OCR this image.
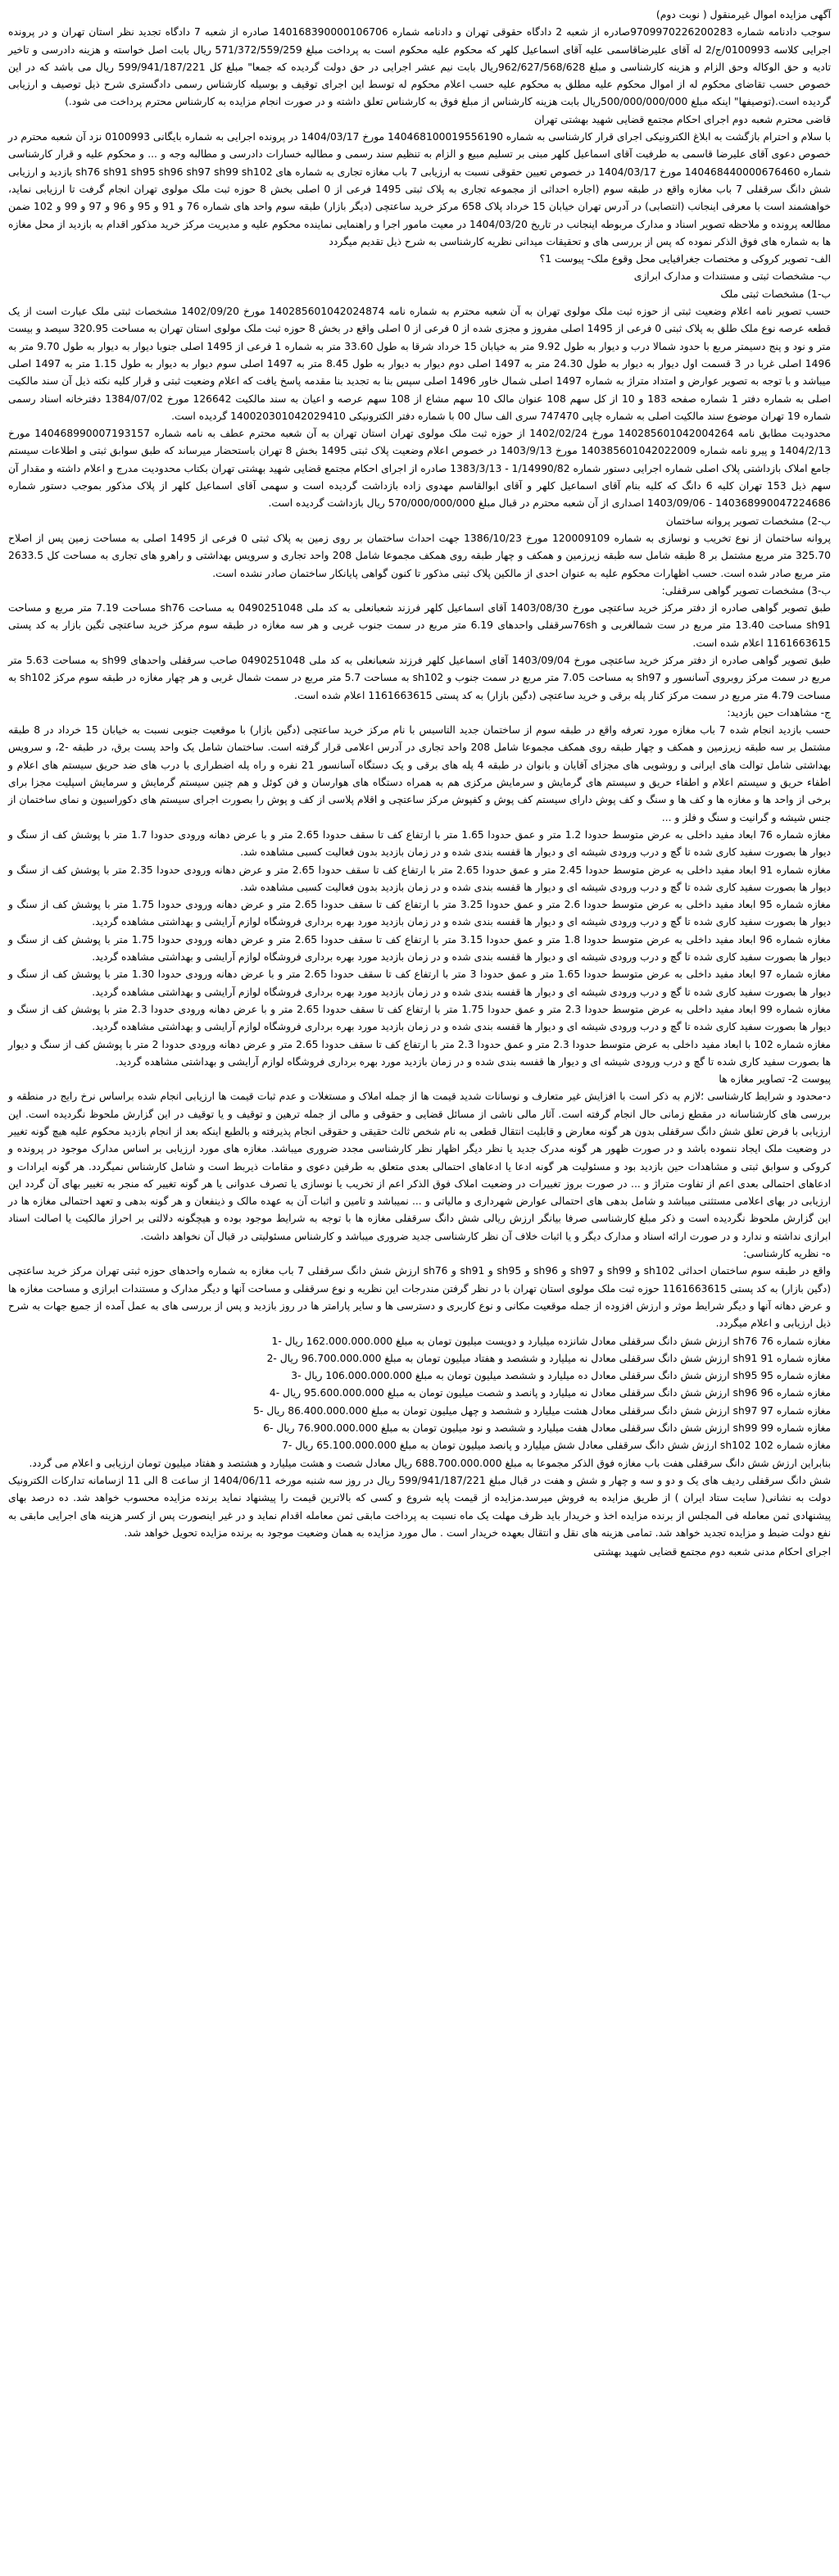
آگهی مزایده اموال غیرمنقول ( نوبت دوم)

سوجب دادنامه شماره 9709970226200283صادره از شعبه 2 دادگاه حقوقی تهران و دادنامه شماره 140168390000106706 صادره از شعبه 7 دادگاه تجدید نظر استان تهران و در پرونده اجرایی کلاسه 0100993/ج/2 له آقای علیرضاقاسمی علیه آقای اسماعیل کلهر که محکوم علیه محکوم است به پرداخت مبلغ 571/372/559/259 ریال بابت اصل خواسته و هزینه دادرسی و تاخیر تادیه و حق الوکاله وحق الزام و هزینه کارشناسی و مبلغ 962/627/568/628ریال بابت نیم عشر اجرایی در حق دولت گردیده که جمعا" مبلغ کل 599/941/187/221 ریال می باشد که در این خصوص حسب تقاضای محکوم له از اموال محکوم علیه مطلق به محکوم علیه حسب اعلام محکوم له توسط این اجرای توقیف و بوسیله کارشناس رسمی دادگستری شرح ذیل توصیف و ارزیابی گردیده است.(توصیفها" اینکه مبلغ 500/000/000/000ریال بابت هزینه کارشناس از مبلغ فوق به کارشناس تعلق داشته و در صورت انجام مزایده به کارشناس محترم پرداخت می شود.)

قاضی محترم شعبه دوم اجرای احکام مجتمع قضایی شهید بهشتی تهران

با سلام و احترام بازگشت به ابلاغ الکترونیکی اجرای قرار کارشناسی به شماره 140468100019556190 مورخ 1404/03/17 در پرونده اجرایی به شماره بایگانی 0100993 نزد آن شعبه محترم در خصوص دعوی آقای علیرضا قاسمی به طرفیت آقای اسماعیل کلهر مبنی بر تسلیم مبیع و الزام به تنظیم سند رسمی و مطالبه خسارات دادرسی و مطالبه وجه و ... و محکوم علیه و قرار کارشناسی شماره 140468440000676460 مورخ 1404/03/17 در خصوص تعیین حقوقی نسبت به ارزیابی 7 باب مغازه تجاری به شماره های sh76 sh91 sh95 sh96 sh97 sh99 sh102 بازدید و ارزیابی شش دانگ سرقفلی 7 باب مغازه واقع در طبقه سوم (اجاره احداثی از مجموعه تجاری به پلاک ثبتی 1495 فرعی از 0 اصلی بخش 8 حوزه ثبت ملک مولوی تهران انجام گرفت تا ارزیابی نماید، خواهشمند است با معرفی اینجانب (انتصابی) در آدرس تهران خیابان 15 خرداد پلاک 658 مرکز خرید ساعتچی (دیگر بازار) طبقه سوم واحد های شماره 76 و 91 و 95 و 96 و 97 و 99 و 102 ضمن مطالعه پرونده و ملاحظه تصویر اسناد و مدارک مربوطه اینجانب در تاریخ 1404/03/20 در معیت مامور اجرا و راهنمایی نماینده محکوم علیه و مدیریت مرکز خرید مذکور اقدام به بازدید از محل مغازه ها به شماره های فوق الذکر نموده که پس از بررسی های و تحقیقات میدانی نظریه کارشناسی به شرح ذیل تقدیم میگردد

الف- تصویر کروکی و مختصات جغرافیایی محل وقوع ملک- پیوست 1؟

ب- مشخصات ثبتی و مستندات و مدارک ابرازی

ب-1) مشخصات ثبتی ملک

حسب تصویر نامه اعلام وضعیت ثبتی از حوزه ثبت ملک مولوی تهران به آن شعبه محترم به شماره نامه 140285601042024874 مورخ 1402/09/20 مشخصات ثبتی ملک عبارت است از یک قطعه عرصه نوع ملک طلق به پلاک ثبتی 0 فرعی از 1495 اصلی مفروز و مجزی شده از 0 فرعی از 0 اصلی واقع در بخش 8 حوزه ثبت ملک مولوی استان تهران به مساحت 320.95 سیصد و بیست متر و نود و پنج دسیمتر مربع با حدود شمالا درب و دیوار به طول 9.92 متر به خیابان 15 خرداد شرقا به طول 33.60 متر به شماره 1 فرعی از 1495 اصلی جنوبا دیوار به دیوار به طول 9.70 متر به 1496 اصلی غربا در 3 قسمت اول دیوار به دیوار به طول 24.30 متر به 1497 اصلی دوم دیوار به دیوار به طول 8.45 متر به 1497 اصلی سوم دیوار به دیوار به طول 1.15 متر به 1497 اصلی میباشد و با توجه به تصویر عوارض و امتداد متراژ به شماره 1497 اصلی شمال خاور 1496 اصلی سپس بنا به تجدید بنا مقدمه پاسخ یافت که اعلام وضعیت ثبتی و قرار کلیه نکته ذیل آن سند مالکیت اصلی به شماره دفتر 1 شماره صفحه 183 و 10 از کل سهم 108 عنوان مالک 10 سهم مشاع از 108 سهم عرصه و اعیان به سند مالکیت 126642 مورخ 1384/07/02 دفترخانه اسناد رسمی شماره 19 تهران موضوع سند مالکیت اصلی به شماره چاپی 747470 سری الف سال 00 با شماره دفتر الکترونیکی 140020301042029410 گردیده است.

محدودیت مطابق نامه 140285601042004264 مورخ 1402/02/24 از حوزه ثبت ملک مولوی تهران استان تهران به آن شعبه محترم عطف به نامه شماره 140468990007193157 مورخ 1404/2/13 و پیرو نامه شماره 140385601042022009 مورخ 1403/9/13 در خصوص اعلام وضعیت پلاک ثبتی 1495 بخش 8 تهران باستحضار میرساند که طبق سوابق ثبتی و اطلاعات سیستم جامع املاک بازداشتی پلاک اصلی شماره اجرایی دستور شماره 1/14990/82 - 1383/3/13 صادره از اجرای احکام مجتمع قضایی شهید بهشتی تهران بکتاب محدودیت مدرج و اعلام داشته و مقدار آن سهم ذیل 153 تهران کلیه 6 دانگ که کلیه بنام آقای اسماعیل کلهر و آقای ابوالقاسم مهدوی زاده بازداشت گردیده است و سهمی آقای اسماعیل کلهر از پلاک مذکور بموجب دستور شماره 140368990047224686 - 1403/09/06 اصداری از آن شعبه محترم در قبال مبلغ 570/000/000/000 ریال بازداشت گردیده است.

ب-2) مشخصات تصویر پروانه ساختمان

پروانه ساختمان از نوع تخریب و نوسازی به شماره 120009109 مورخ 1386/10/23 جهت احداث ساختمان بر روی زمین به پلاک ثبتی 0 فرعی از 1495 اصلی به مساحت زمین پس از اصلاح 325.70 متر مربع مشتمل بر 8 طبقه شامل سه طبقه زیرزمین و همکف و چهار طبقه روی همکف مجموعا شامل 208 واحد تجاری و سرویس بهداشتی و راهرو های تجاری به مساحت کل 2633.5 متر مربع صادر شده است. حسب اظهارات محکوم علیه به عنوان احدی از مالکین پلاک ثبتی مذکور تا کنون گواهی پایانکار ساختمان صادر نشده است.

ب-3) مشخصات تصویر گواهی سرقفلی:

طبق تصویر گواهی صادره از دفتر مرکز خرید ساعتچی مورخ 1403/08/30 آقای اسماعیل کلهر فرزند شعبانعلی به کد ملی 0490251048 به مساحت sh76 مساحت 7.19 متر مربع و مساحت sh91 مساحت 13.40 متر مربع در ست شمالغربی و 76shسرقفلی واحدهای 6.19 متر مربع در سمت جنوب غربی و هر سه مغازه در طبقه سوم مرکز خرید ساعتچی تگین بازار به کد پستی 1161663615 اعلام شده است.

طبق تصویر گواهی صادره از دفتر مرکز خرید ساعتچی مورخ 1403/09/04 آقای اسماعیل کلهر فرزند شعبانعلی به کد ملی 0490251048 صاحب سرقفلی واحدهای sh99 به مساحت 5.63 متر مربع در سمت مرکز روبروی آسانسور و sh97 به مساحت 7.05 متر مربع در سمت جنوب و sh102 به مساحت 5.7 متر مربع در سمت شمال غربی و هر چهار مغازه در طبقه سوم مرکز sh102 به مساحت 4.79 متر مربع در سمت مرکز کنار پله برقی و خرید ساعتچی (دگین بازار) به کد پستی 1161663615 اعلام شده است.

ج- مشاهدات حین بازدید:

حسب بازدید انجام شده 7 باب مغازه مورد تعرفه واقع در طبقه سوم از ساختمان جدید التاسیس با نام مرکز خرید ساعتچی (دگین بازار) با موقعیت جنوبی نسبت به خیابان 15 خرداد در 8 طبقه مشتمل بر سه طبقه زیرزمین و همکف و چهار طبقه روی همکف مجموعا شامل 208 واحد تجاری در آدرس اعلامی قرار گرفته است. ساختمان شامل یک واحد پست برق، در طبقه -2، و سرویس بهداشتی شامل توالت های ایرانی و روشویی های مجزای آقایان و بانوان در طبقه 4 پله های برقی و یک دستگاه آسانسور 21 نفره و راه پله اضطراری با درب های ضد حریق سیستم های اعلام و اطفاء حریق و سیستم اعلام و اطفاء حریق و سیستم های گرمایش و سرمایش مرکزی هم به همراه دستگاه های هوارسان و فن کوئل و هم چنین سیستم گرمایش و سرمایش اسپلیت مجزا برای برخی از واحد ها و مغازه ها و کف ها و سنگ و کف پوش دارای سیستم کف پوش و کفپوش مرکز ساعتچی و اقلام پلاسی از کف و پوش را بصورت اجرای سیستم های دکوراسیون و نمای ساختمان از جنس شیشه و گرانیت و سنگ و فلز و ...

مغازه شماره 76 ابعاد مفید داخلی به عرض متوسط حدودا 1.2 متر و عمق حدودا 1.65 متر با ارتفاع کف تا سقف حدودا 2.65 متر و با عرض دهانه ورودی حدودا 1.7 متر با پوشش کف از سنگ و دیوار ها بصورت سفید کاری شده تا گچ و درب ورودی شیشه ای و دیوار ها قفسه بندی شده و در زمان بازدید بدون فعالیت کسبی مشاهده شد.

مغازه شماره 91 ابعاد مفید داخلی به عرض متوسط حدودا 2.45 متر و عمق حدودا 2.65 متر با ارتفاع کف تا سقف حدودا 2.65 متر و عرض دهانه ورودی حدودا 2.35 متر با پوشش کف از سنگ و دیوار ها بصورت سفید کاری شده تا گچ و درب ورودی شیشه ای و دیوار ها قفسه بندی شده و در زمان بازدید بدون فعالیت کسبی مشاهده شد.

مغازه شماره 95 ابعاد مفید داخلی به عرض متوسط حدودا 2.6 متر و عمق حدودا 3.25 متر با ارتفاع کف تا سقف حدودا 2.65 متر و عرض دهانه ورودی حدودا 1.75 متر با پوشش کف از سنگ و دیوار ها بصورت سفید کاری شده تا گچ و درب ورودی شیشه ای و دیوار ها قفسه بندی شده و در زمان بازدید مورد بهره برداری فروشگاه لوازم آرایشی و بهداشتی مشاهده گردید.

مغازه شماره 96 ابعاد مفید داخلی به عرض متوسط حدودا 1.8 متر و عمق حدودا 3.15 متر با ارتفاع کف تا سقف حدودا 2.65 متر و عرض دهانه ورودی حدودا 1.75 متر با پوشش کف از سنگ و دیوار ها بصورت سفید کاری شده تا گچ و درب ورودی شیشه ای و دیوار ها قفسه بندی شده و در زمان بازدید مورد بهره برداری فروشگاه لوازم آرایشی و بهداشتی مشاهده گردید.

مغازه شماره 97 ابعاد مفید داخلی به عرض متوسط حدودا 1.65 متر و عمق حدودا 3 متر با ارتفاع کف تا سقف حدودا 2.65 متر و با عرض دهانه ورودی حدودا 1.30 متر با پوشش کف از سنگ و دیوار ها بصورت سفید کاری شده تا گچ و درب ورودی شیشه ای و دیوار ها قفسه بندی شده و در زمان بازدید مورد بهره برداری فروشگاه لوازم آرایشی و بهداشتی مشاهده گردید.

مغازه شماره 99 ابعاد مفید داخلی به عرض متوسط حدودا 2.3 متر و عمق حدودا 1.75 متر با ارتفاع کف تا سقف حدودا 2.65 متر و با عرض دهانه ورودی حدودا 2.3 متر با پوشش کف از سنگ و دیوار ها بصورت سفید کاری شده تا گچ و درب ورودی شیشه ای و دیوار ها قفسه بندی شده و در زمان بازدید مورد بهره برداری فروشگاه لوازم آرایشی و بهداشتی مشاهده گردید.

مغازه شماره 102 با ابعاد مفید داخلی به عرض متوسط حدودا 2.3 متر و عمق حدودا 2.3 متر با ارتفاع کف تا سقف حدودا 2.65 متر و عرض دهانه ورودی حدودا 2 متر با پوشش کف از سنگ و دیوار ها بصورت سفید کاری شده تا گچ و درب ورودی شیشه ای و دیوار ها قفسه بندی شده و در زمان بازدید مورد بهره برداری فروشگاه لوازم آرایشی و بهداشتی مشاهده گردید.

پیوست 2- تصاویر مغازه ها

د-محدود و شرایط کارشناسی ؛لازم به ذکر است با افزایش غیر متعارف و نوسانات شدید قیمت ها از جمله املاک و مستغلات و عدم ثبات قیمت ها ارزیابی انجام شده براساس نرخ رایج در منطقه و بررسی های کارشناسانه در مقطع زمانی حال انجام گرفته است. آثار مالی ناشی از مسائل قضایی و حقوقی و مالی از جمله ترهین و توقیف و یا توقیف در این گزارش ملحوظ نگردیده است. این ارزیابی با فرض تعلق شش دانگ سرقفلی بدون هر گونه معارض و قابلیت انتقال قطعی به نام شخص ثالث حقیقی و حقوقی انجام پذیرفته و بالطبع اینکه بعد از انجام بازدید محکوم علیه هیچ گونه تغییر در وضعیت ملک ایجاد ننموده باشد و در صورت ظهور هر گونه مدرک جدید یا نظر دیگر اظهار نظر کارشناسی مجدد ضروری میباشد. مغازه های مورد ارزیابی بر اساس مدارک موجود در پرونده و کروکی و سوابق ثبتی و مشاهدات حین بازدید بود و مسئولیت هر گونه ادعا یا ادعاهای احتمالی بعدی متعلق به طرفین دعوی و مقامات ذیربط است و شامل کارشناس نمیگردد. هر گونه ایرادات و ادعاهای احتمالی بعدی اعم از تفاوت متراژ و ... در صورت بروز تغییرات در وضعیت املاک فوق الذکر اعم از تخریب یا نوسازی یا تصرف عدوانی یا هر گونه تغییر که منجر به تغییر بهای آن گردد این ارزیابی در بهای اعلامی مستثنی میباشد و شامل بدهی های احتمالی عوارض شهرداری و مالیاتی و ... نمیباشد و تامین و اثبات آن به عهده مالک و ذینفعان و هر گونه بدهی و تعهد احتمالی مغازه ها در این گزارش ملحوظ نگردیده است و ذکر مبلغ کارشناسی صرفا بیانگر ارزش ریالی شش دانگ سرقفلی مغازه ها با توجه به شرایط موجود بوده و هیچگونه دلالتی بر احراز مالکیت یا اصالت اسناد ابرازی نداشته و ندارد و در صورت ارائه اسناد و مدارک دیگر و یا اثبات خلاف آن نظر کارشناسی جدید ضروری میباشد و کارشناس مسئولیتی در قبال آن نخواهد داشت.

ه- نظریه کارشناسی:

واقع در طبقه سوم ساختمان احداثی sh102 و sh99 و sh97 و sh96 و sh95 و sh91 و sh76 ارزش شش دانگ سرقفلی 7 باب مغازه به شماره واحدهای حوزه ثبتی تهران مرکز خرید ساعتچی (دگین بازار) به کد پستی 1161663615 حوزه ثبت ملک مولوی استان تهران با در نظر گرفتن مندرجات این نظریه و نوع سرقفلی و مساحت آنها و دیگر مدارک و مستندات ابرازی و مساحت مغازه ها و عرض دهانه آنها و دیگر شرایط موثر و ارزش افزوده از جمله موقعیت مکانی و نوع کاربری و دسترسی ها و سایر پارامتر ها در روز بازدید و پس از بررسی های به عمل آمده از جمیع جهات به شرح ذیل ارزیابی و اعلام میگردد.

مغازه شماره 76 sh76 ارزش شش دانگ سرقفلی معادل شانزده میلیارد و دویست میلیون تومان به مبلغ 162.000.000.000 ریال -1

مغازه شماره 91 sh91 ارزش شش دانگ سرقفلی معادل نه میلیارد و ششصد و هفتاد میلیون تومان به مبلغ 96.700.000.000 ریال -2

مغازه شماره 95 sh95 ارزش شش دانگ سرقفلی معادل ده میلیارد و ششصد میلیون تومان به مبلغ 106.000.000.000 ریال -3

مغازه شماره 96 sh96 ارزش شش دانگ سرقفلی معادل نه میلیارد و پانصد و شصت میلیون تومان به مبلغ 95.600.000.000 ریال -4

مغازه شماره 97 sh97 ارزش شش دانگ سرقفلی معادل هشت میلیارد و ششصد و چهل میلیون تومان به مبلغ 86.400.000.000 ریال -5

مغازه شماره 99 sh99 ارزش شش دانگ سرقفلی معادل هفت میلیارد و ششصد و نود میلیون تومان به مبلغ 76.900.000.000 ریال -6

مغازه شماره 102 sh102 ارزش شش دانگ سرقفلی معادل شش میلیارد و پانصد میلیون تومان به مبلغ 65.100.000.000 ریال -7

بنابراین ارزش شش دانگ سرقفلی هفت باب مغازه فوق الذکر مجموعا به مبلغ 688.700.000.000 ریال معادل شصت و هشت میلیارد و هشتصد و هفتاد میلیون تومان ارزیابی و اعلام می گردد.

شش دانگ سرقفلی ردیف های یک و دو و سه و چهار و شش و هفت در قبال مبلغ 599/941/187/221 ریال در روز سه شنبه مورخه 1404/06/11 از ساعت 8 الی 11 ازسامانه تدارکات الکترونیک دولت به نشانی( سایت ستاد ایران ) از طریق مزایده به فروش میرسد.مزایده از قیمت پایه شروع و کسی که بالاترین قیمت را پیشنهاد نماید برنده مزایده محسوب خواهد شد. ده درصد بهای پیشنهادی ثمن معامله فی المجلس از برنده مزایده اخذ و خریدار باید ظرف مهلت یک ماه نسبت به پرداخت مابقی ثمن معامله اقدام نماید و در غیر اینصورت پس از کسر هزینه های اجرایی مابقی به نفع دولت ضبط و مزایده تجدید خواهد شد. تمامی هزینه های نقل و انتقال بعهده خریدار است . مال مورد مزایده به همان وضعیت موجود به برنده مزایده تحویل خواهد شد.

اجرای احکام مدنی شعبه دوم مجتمع قضایی شهید بهشتی
